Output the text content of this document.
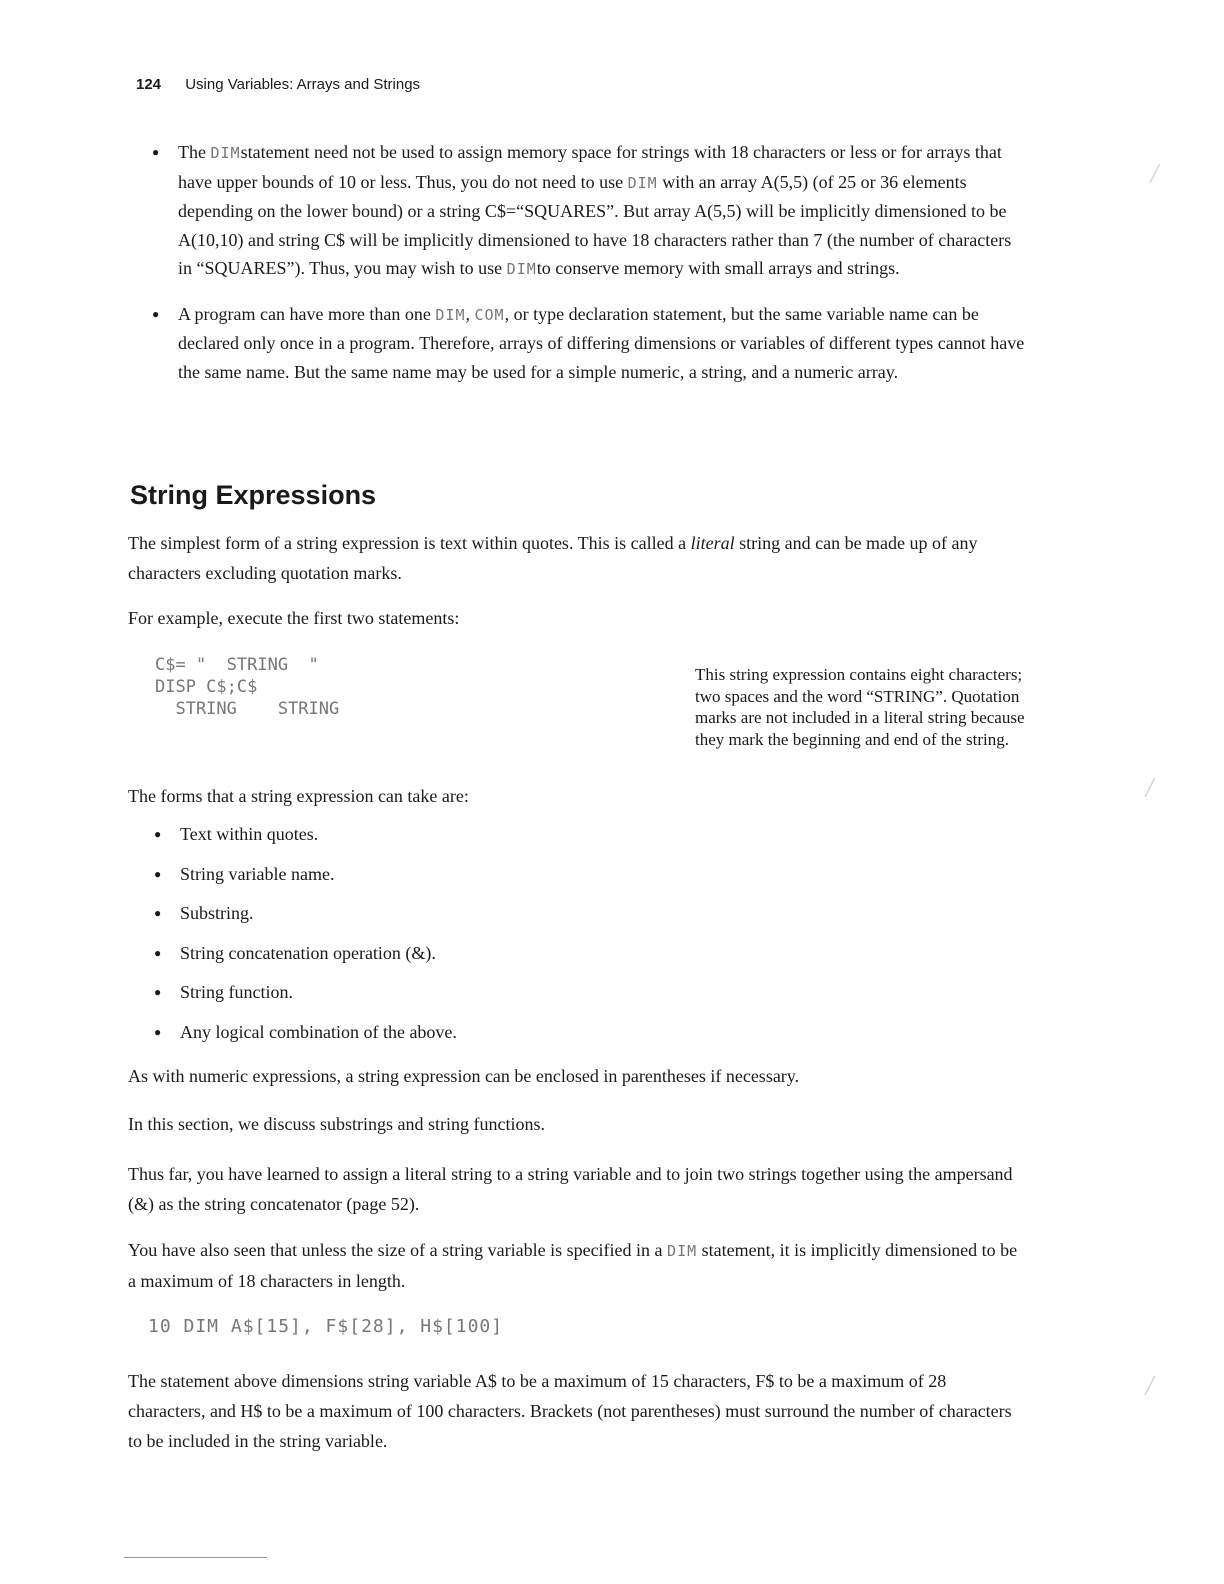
124 Using Variables: Arrays and Strings
● The DIMstatement need not be used to assign memory space for strings with 18 characters or less or for arrays that have upper bounds of 10 or less. Thus, you do not need to use DIM with an array A(5,5) (of 25 or 36 elements depending on the lower bound) or a string C$=“SQUARES”. But array A(5,5) will be implicitly dimensioned to be A(10,10) and string C$ will be implicitly dimensioned to have 18 characters rather than 7 (the number of characters in “SQUARES”). Thus, you may wish to use DIMto conserve memory with small arrays and strings.
● A program can have more than one DIM, COM, or type declaration statement, but the same variable name can be declared only once in a program. Therefore, arrays of differing dimensions or variables of different types cannot have the same name. But the same name may be used for a simple numeric, a string, and a numeric array.
String Expressions

The simplest form of a string expression is text within quotes. This is called a literal string and can be made up of any characters excluding quotation marks.

For example, execute the first two statements:

C$= "  STRING  "
DISP C$;C$
STRING    STRING

This string expression contains eight characters; two spaces and the word “STRING”. Quotation marks are not included in a literal string because they mark the beginning and end of the string.

The forms that a string expression can take are:

● Text within quotes.
● String variable name.
● Substring.
● String concatenation operation (&).
● String function.
● Any logical combination of the above.

As with numeric expressions, a string expression can be enclosed in parentheses if necessary.

In this section, we discuss substrings and string functions.

Thus far, you have learned to assign a literal string to a string variable and to join two strings together using the ampersand (&) as the string concatenator (page 52).

You have also seen that unless the size of a string variable is specified in a DIM statement, it is implicitly dimensioned to be a maximum of 18 characters in length.

10 DIM A$[15], F$[28], H$[100]

The statement above dimensions string variable A$ to be a maximum of 15 characters, F$ to be a maximum of 28 characters, and H$ to be a maximum of 100 characters. Brackets (not parentheses) must surround the number of characters to be included in the string variable.

╱
╱
╱
